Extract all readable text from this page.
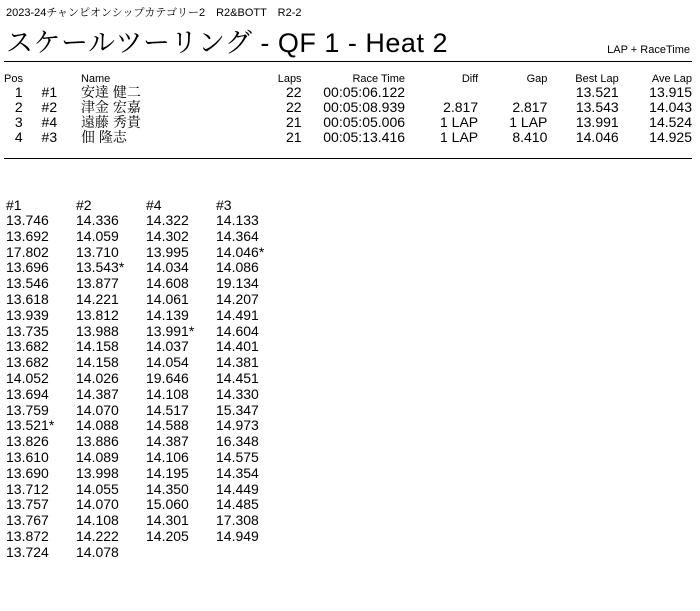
2023-24チャンピオンシップカテゴリー2　R2&BOTT　R2-2
スケールツーリング - QF 1 - Heat 2	LAP + RaceTime
Pos		Name	Laps	Race Time	Diff	Gap	Best Lap	Ave Lap
1	#1	安達 健二	22	00:05:06.122			13.521	13.915
2	#2	津金 宏嘉	22	00:05:08.939	2.817	2.817	13.543	14.043
3	#4	遠藤 秀貴	21	00:05:05.006	1 LAP	1 LAP	13.991	14.524
4	#3	佃 隆志	21	00:05:13.416	1 LAP	8.410	14.046	14.925
#1	#2	#4	#3
13.746	14.336	14.322	14.133
13.692	14.059	14.302	14.364
17.802	13.710	13.995	14.046*
13.696	13.543*	14.034	14.086
13.546	13.877	14.608	19.134
13.618	14.221	14.061	14.207
13.939	13.812	14.139	14.491
13.735	13.988	13.991*	14.604
13.682	14.158	14.037	14.401
13.682	14.158	14.054	14.381
14.052	14.026	19.646	14.451
13.694	14.387	14.108	14.330
13.759	14.070	14.517	15.347
13.521*	14.088	14.588	14.973
13.826	13.886	14.387	16.348
13.610	14.089	14.106	14.575
13.690	13.998	14.195	14.354
13.712	14.055	14.350	14.449
13.757	14.070	15.060	14.485
13.767	14.108	14.301	17.308
13.872	14.222	14.205	14.949
13.724	14.078		
